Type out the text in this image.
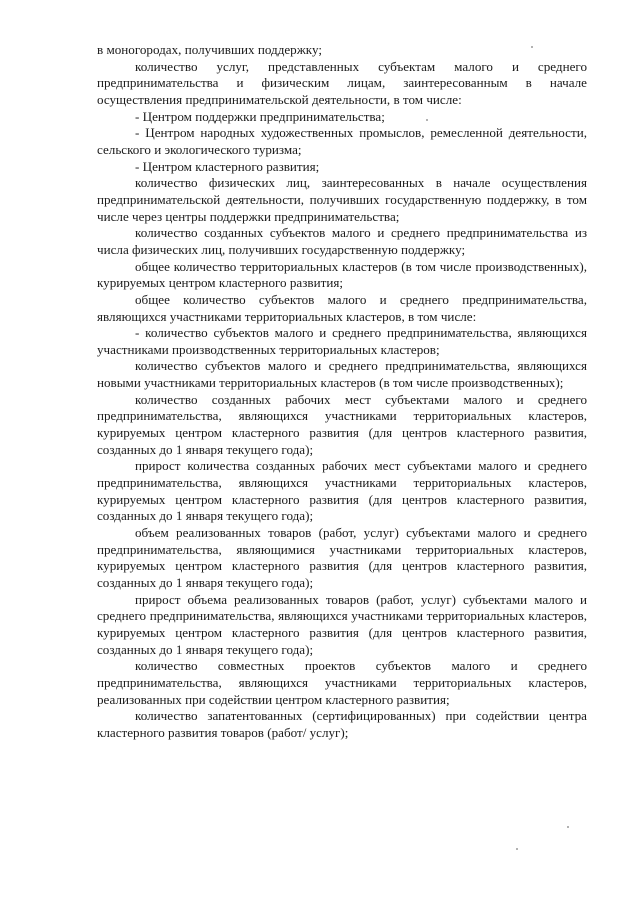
в моногородах, получивших поддержку;

количество услуг, представленных субъектам малого и среднего предпринимательства и физическим лицам, заинтересованным в начале осуществления предпринимательской деятельности, в том числе:

- Центром поддержки предпринимательства;

- Центром народных художественных промыслов, ремесленной деятельности, сельского и экологического туризма;

- Центром кластерного развития;

количество физических лиц, заинтересованных в начале осуществления предпринимательской деятельности, получивших государственную поддержку, в том числе через центры поддержки предпринимательства;

количество созданных субъектов малого и среднего предпринимательства из числа физических лиц, получивших государственную поддержку;

общее количество территориальных кластеров (в том числе производственных), курируемых центром кластерного развития;

общее количество субъектов малого и среднего предпринимательства, являющихся участниками территориальных кластеров, в том числе:

- количество субъектов малого и среднего предпринимательства, являющихся участниками производственных территориальных кластеров;

количество субъектов малого и среднего предпринимательства, являющихся новыми участниками территориальных кластеров (в том числе производственных);

количество созданных рабочих мест субъектами малого и среднего предпринимательства, являющихся участниками территориальных кластеров, курируемых центром кластерного развития (для центров кластерного развития, созданных до 1 января текущего года);

прирост количества созданных рабочих мест субъектами малого и среднего предпринимательства, являющихся участниками территориальных кластеров, курируемых центром кластерного развития (для центров кластерного развития, созданных до 1 января текущего года);

объем реализованных товаров (работ, услуг) субъектами малого и среднего предпринимательства, являющимися участниками территориальных кластеров, курируемых центром кластерного развития (для центров кластерного развития, созданных до 1 января текущего года);

прирост объема реализованных товаров (работ, услуг) субъектами малого и среднего предпринимательства, являющихся участниками территориальных кластеров, курируемых центром кластерного развития (для центров кластерного развития, созданных до 1 января текущего года);

количество совместных проектов субъектов малого и среднего предпринимательства, являющихся участниками территориальных кластеров, реализованных при содействии центром кластерного развития;

количество запатентованных (сертифицированных) при содействии центра кластерного развития товаров (работ/ услуг);
